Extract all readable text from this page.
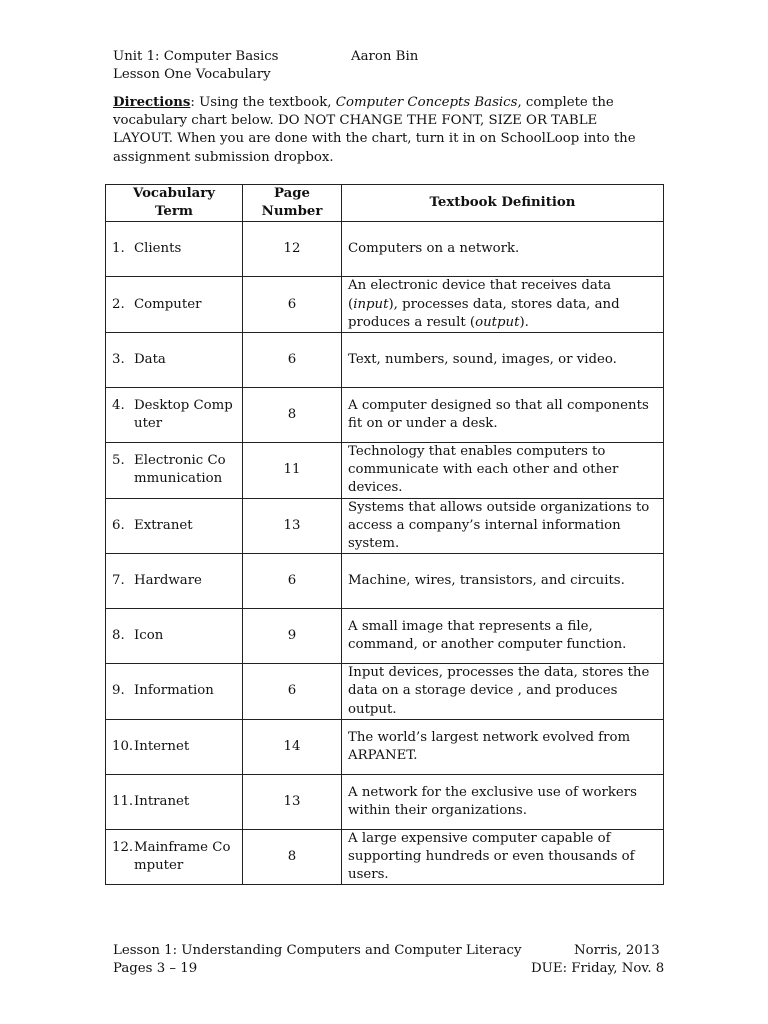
Unit 1: Computer Basics	Aaron Bin
Lesson One Vocabulary
Directions: Using the textbook, Computer Concepts Basics, complete the vocabulary chart below. DO NOT CHANGE THE FONT, SIZE OR TABLE LAYOUT. When you are done with the chart, turn it in on SchoolLoop into the assignment submission dropbox.
Vocabulary Term	Page Number	Textbook Definition

1. Clients	12	Computers on a network.

2. Computer	6	An electronic device that receives data (input), processes data, stores data, and produces a result (output).

3. Data	6	Text, numbers, sound, images, or video.

4. Desktop Computer	8	A computer designed so that all components fit on or under a desk.

5. Electronic Communication	11	Technology that enables computers to communicate with each other and other devices.

6. Extranet	13	Systems that allows outside organizations to access a company’s internal information system.

7. Hardware	6	Machine, wires, transistors, and circuits.

8. Icon	9	A small image that represents a file, command, or another computer function.

9. Information	6	Input devices, processes the data, stores the data on a storage device , and produces output.

10. Internet	14	The world’s largest network evolved from ARPANET.

11. Intranet	13	A network for the exclusive use of workers within their organizations.

12. Mainframe Computer	8	A large expensive computer capable of supporting hundreds or even thousands of users.
Lesson 1: Understanding Computers and Computer Literacy	Norris, 2013
Pages 3 – 19	DUE: Friday, Nov. 8
